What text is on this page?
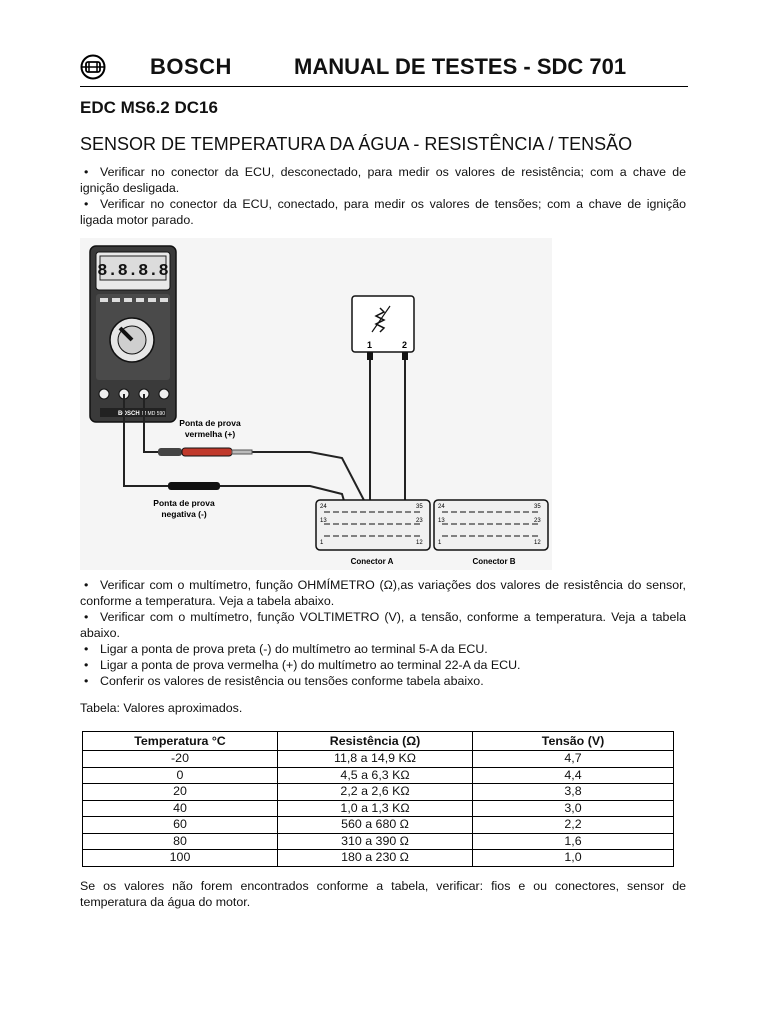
BOSCH	MANUAL DE TESTES - SDC 701
EDC MS6.2 DC16
SENSOR DE TEMPERATURA DA ÁGUA - RESISTÊNCIA / TENSÃO
• Verificar no conector da ECU, desconectado, para medir os valores de resistência; com a chave de ignição desligada.
• Verificar no conector da ECU, conectado, para medir os valores de tensões; com a chave de ignição ligada motor parado.
8.8.8.8
BOSCH M MD 590
Ponta de prova
vermelha (+)
Ponta de prova
negativa (-)
1	2
24	35
13	23
1	12
Conector A
24	35
13	23
1	12
Conector B
• Verificar com o multímetro, função OHMÍMETRO (Ω),as variações dos valores de resistência do sensor, conforme a temperatura. Veja a tabela abaixo.
• Verificar com o multímetro, função VOLTIMETRO (V), a tensão, conforme a temperatura. Veja a tabela abaixo.
• Ligar a ponta de prova preta (-) do multímetro ao terminal 5-A da ECU.
• Ligar a ponta de prova vermelha (+) do multímetro ao terminal 22-A da ECU.
• Conferir os valores de resistência ou tensões conforme tabela abaixo.
Tabela: Valores aproximados.
Temperatura °C	Resistência (Ω)	Tensão (V)
-20	11,8 a 14,9 KΩ	4,7
0	4,5 a 6,3 KΩ	4,4
20	2,2 a 2,6 KΩ	3,8
40	1,0 a 1,3 KΩ	3,0
60	560 a 680 Ω	2,2
80	310 a 390 Ω	1,6
100	180 a 230 Ω	1,0
Se os valores não forem encontrados conforme a tabela, verificar: fios e ou conectores, sensor de temperatura da água do motor.
